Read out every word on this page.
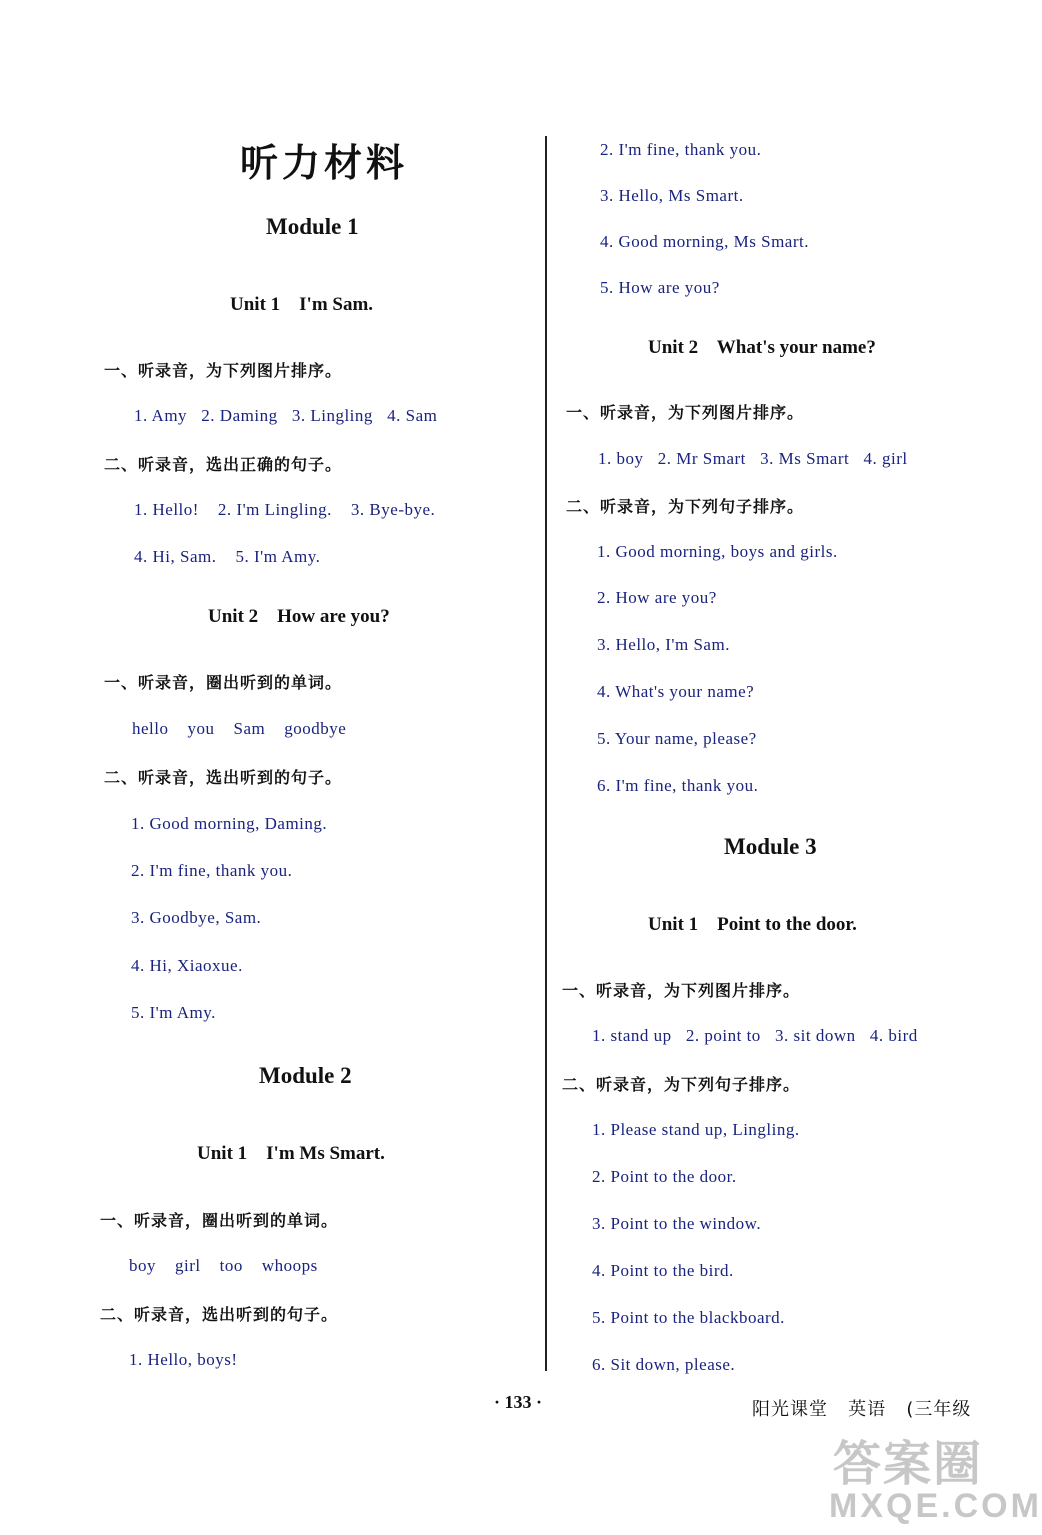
听力材料
Module 1
Unit 1    I'm Sam.
一、听录音，为下列图片排序。
1. Amy   2. Daming   3. Lingling   4. Sam
二、听录音，选出正确的句子。
1. Hello!    2. I'm Lingling.    3. Bye-bye.
4. Hi, Sam.    5. I'm Amy.
Unit 2    How are you?
一、听录音，圈出听到的单词。
hello    you    Sam    goodbye
二、听录音，选出听到的句子。
1. Good morning, Daming.
2. I'm fine, thank you.
3. Goodbye, Sam.
4. Hi, Xiaoxue.
5. I'm Amy.
Module 2
Unit 1    I'm Ms Smart.
一、听录音，圈出听到的单词。
boy    girl    too    whoops
二、听录音，选出听到的句子。
1. Hello, boys!
2. I'm fine, thank you.
3. Hello, Ms Smart.
4. Good morning, Ms Smart.
5. How are you?
Unit 2    What's your name?
一、听录音，为下列图片排序。
1. boy   2. Mr Smart   3. Ms Smart   4. girl
二、听录音，为下列句子排序。
1. Good morning, boys and girls.
2. How are you?
3. Hello, I'm Sam.
4. What's your name?
5. Your name, please?
6. I'm fine, thank you.
Module 3
Unit 1    Point to the door.
一、听录音，为下列图片排序。
1. stand up   2. point to   3. sit down   4. bird
二、听录音，为下列句子排序。
1. Please stand up, Lingling.
2. Point to the door.
3. Point to the window.
4. Point to the bird.
5. Point to the blackboard.
6. Sit down, please.
· 133 ·	阳光课堂   英语   (三年级
答案圈
MXQE.COM
